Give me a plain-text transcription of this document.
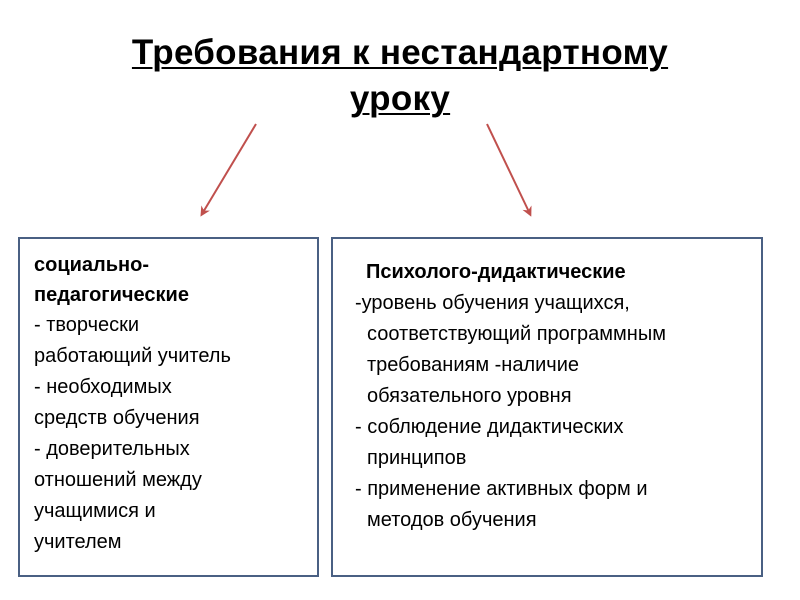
Требования к нестандартному
уроку
социально-
педагогические
- творчески
работающий учитель
- необходимых
средств обучения
- доверительных
отношений между
учащимися и
учителем
Психолого-дидактические
-уровень обучения учащихся,
соответствующий программным
требованиям -наличие
обязательного уровня
- соблюдение дидактических
принципов
- применение активных форм и
методов обучения
